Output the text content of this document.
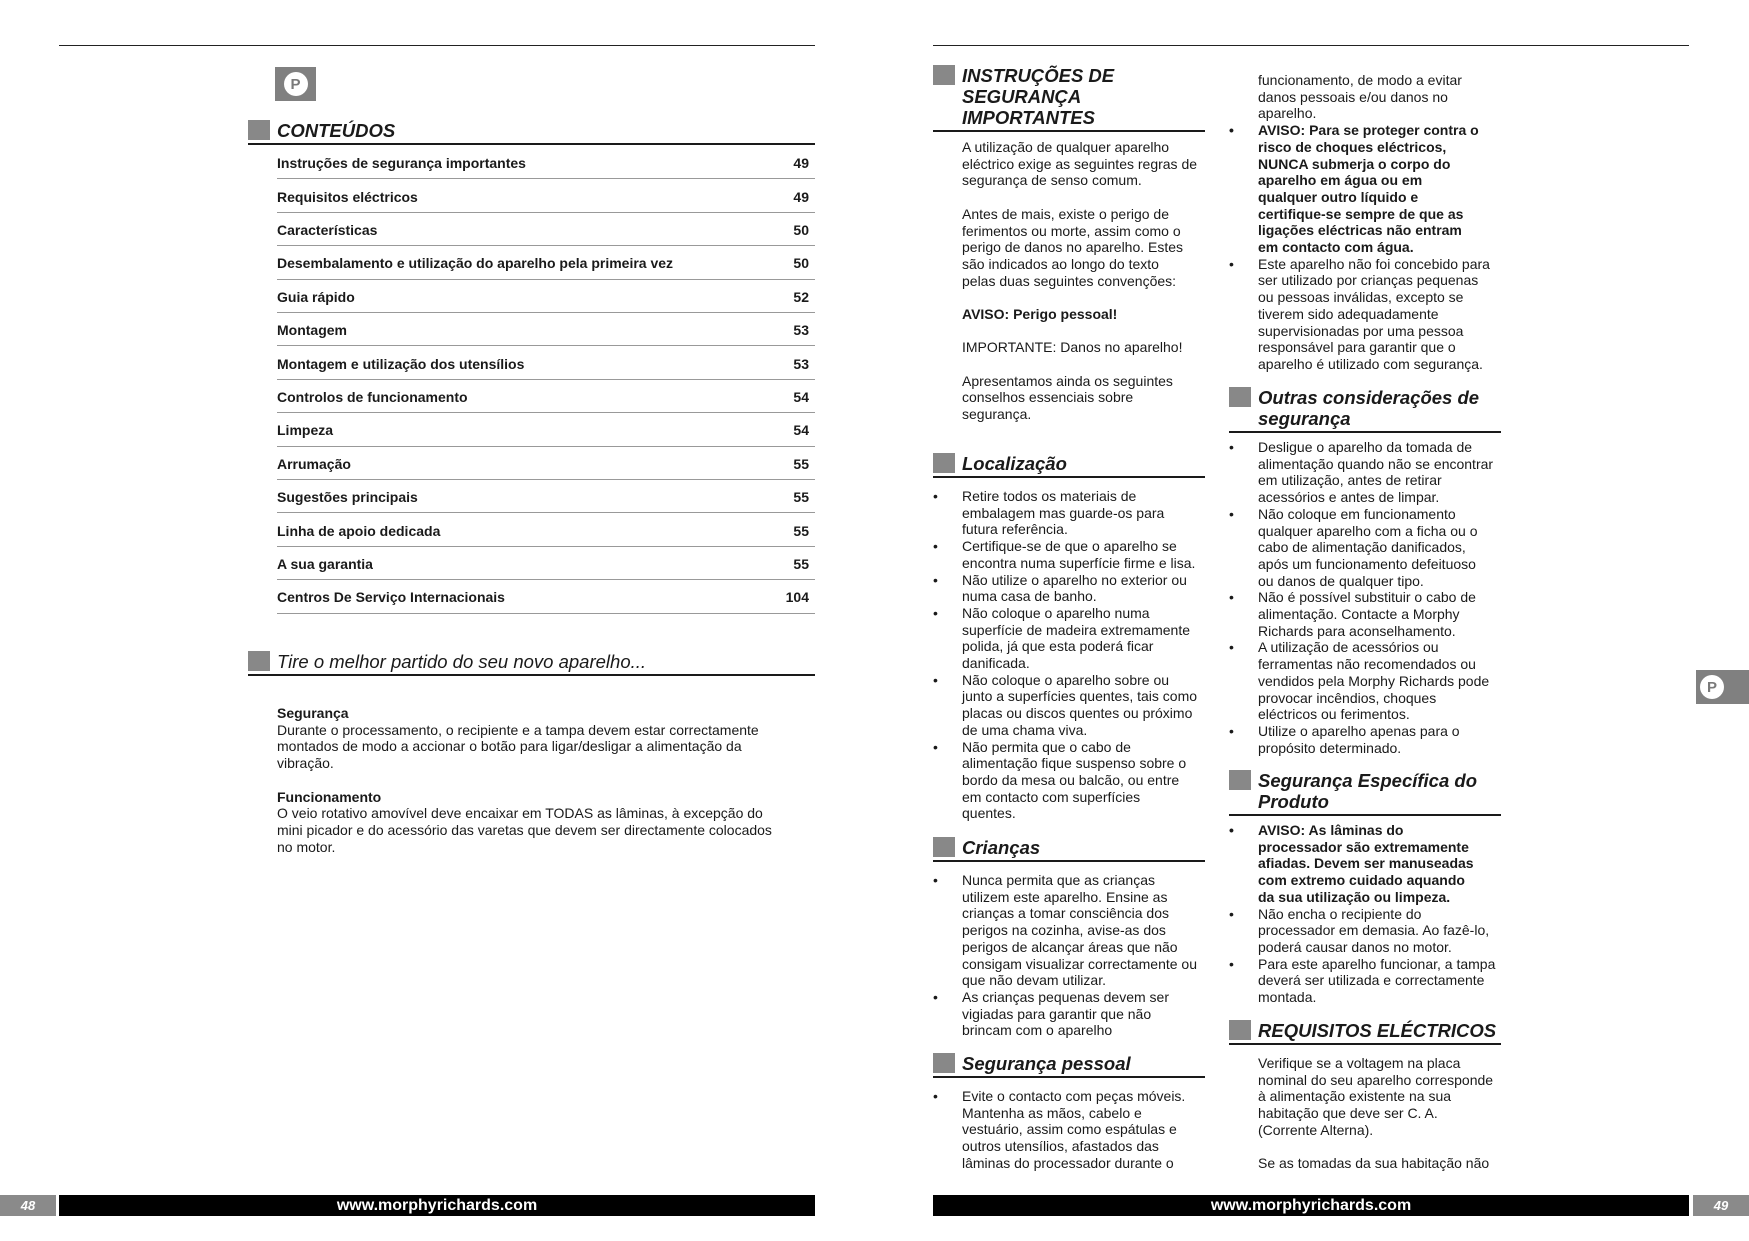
P
CONTEÚDOS
Instruções de segurança importantes	49
Requisitos eléctricos	49
Características	50
Desembalamento e utilização do aparelho pela primeira vez	50
Guia rápido	52
Montagem	53
Montagem e utilização dos utensílios	53
Controlos de funcionamento	54
Limpeza	54
Arrumação	55
Sugestões principais	55
Linha de apoio dedicada	55
A sua garantia	55
Centros De Serviço Internacionais	104
Tire o melhor partido do seu novo aparelho...

Segurança

Durante o processamento, o recipiente e a tampa devem estar correctamente
montados de modo a accionar o botão para ligar/desligar a alimentação da
vibração.

Funcionamento

O veio rotativo amovível deve encaixar em TODAS as lâminas, à excepção do
mini picador e do acessório das varetas que devem ser directamente colocados
no motor.
48	www.morphyrichards.com
INSTRUÇÕES DE
SEGURANÇA
IMPORTANTES
A utilização de qualquer aparelho
eléctrico exige as seguintes regras de
segurança de senso comum.
Antes de mais, existe o perigo de
ferimentos ou morte, assim como o
perigo de danos no aparelho. Estes
são indicados ao longo do texto
pelas duas seguintes convenções:

AVISO: Perigo pessoal!

IMPORTANTE: Danos no aparelho!

Apresentamos ainda os seguintes
conselhos essenciais sobre
segurança.
Localização
• Retire todos os materiais de
embalagem mas guarde-os para
futura referência.
• Certifique-se de que o aparelho se
encontra numa superfície firme e lisa.
• Não utilize o aparelho no exterior ou
numa casa de banho.
• Não coloque o aparelho numa
superfície de madeira extremamente
polida, já que esta poderá ficar
danificada.
• Não coloque o aparelho sobre ou
junto a superfícies quentes, tais como
placas ou discos quentes ou próximo
de uma chama viva.
• Não permita que o cabo de
alimentação fique suspenso sobre o
bordo da mesa ou balcão, ou entre
em contacto com superfícies
quentes.
Crianças
• Nunca permita que as crianças
utilizem este aparelho. Ensine as
crianças a tomar consciência dos
perigos na cozinha, avise-as dos
perigos de alcançar áreas que não
consigam visualizar correctamente ou
que não devam utilizar.
• As crianças pequenas devem ser
vigiadas para garantir que não
brincam com o aparelho
Segurança pessoal
• Evite o contacto com peças móveis.
Mantenha as mãos, cabelo e
vestuário, assim como espátulas e
outros utensílios, afastados das
lâminas do processador durante o
funcionamento, de modo a evitar
danos pessoais e/ou danos no
aparelho.
• AVISO: Para se proteger contra o
risco de choques eléctricos,
NUNCA submerja o corpo do
aparelho em água ou em
qualquer outro líquido e
certifique-se sempre de que as
ligações eléctricas não entram
em contacto com água.
• Este aparelho não foi concebido para
ser utilizado por crianças pequenas
ou pessoas inválidas, excepto se
tiverem sido adequadamente
supervisionadas por uma pessoa
responsável para garantir que o
aparelho é utilizado com segurança.
Outras considerações de
segurança
• Desligue o aparelho da tomada de
alimentação quando não se encontrar
em utilização, antes de retirar
acessórios e antes de limpar.
• Não coloque em funcionamento
qualquer aparelho com a ficha ou o
cabo de alimentação danificados,
após um funcionamento defeituoso
ou danos de qualquer tipo.
• Não é possível substituir o cabo de
alimentação. Contacte a Morphy
Richards para aconselhamento.
• A utilização de acessórios ou
ferramentas não recomendados ou
vendidos pela Morphy Richards pode
provocar incêndios, choques
eléctricos ou ferimentos.
• Utilize o aparelho apenas para o
propósito determinado.
Segurança Específica do
Produto
• AVISO: As lâminas do
processador são extremamente
afiadas. Devem ser manuseadas
com extremo cuidado aquando
da sua utilização ou limpeza.
• Não encha o recipiente do
processador em demasia. Ao fazê-lo,
poderá causar danos no motor.
• Para este aparelho funcionar, a tampa
deverá ser utilizada e correctamente
montada.
REQUISITOS ELÉCTRICOS
Verifique se a voltagem na placa
nominal do seu aparelho corresponde
à alimentação existente na sua
habitação que deve ser C. A.
(Corrente Alterna).
Se as tomadas da sua habitação não
P
www.morphyrichards.com	49
